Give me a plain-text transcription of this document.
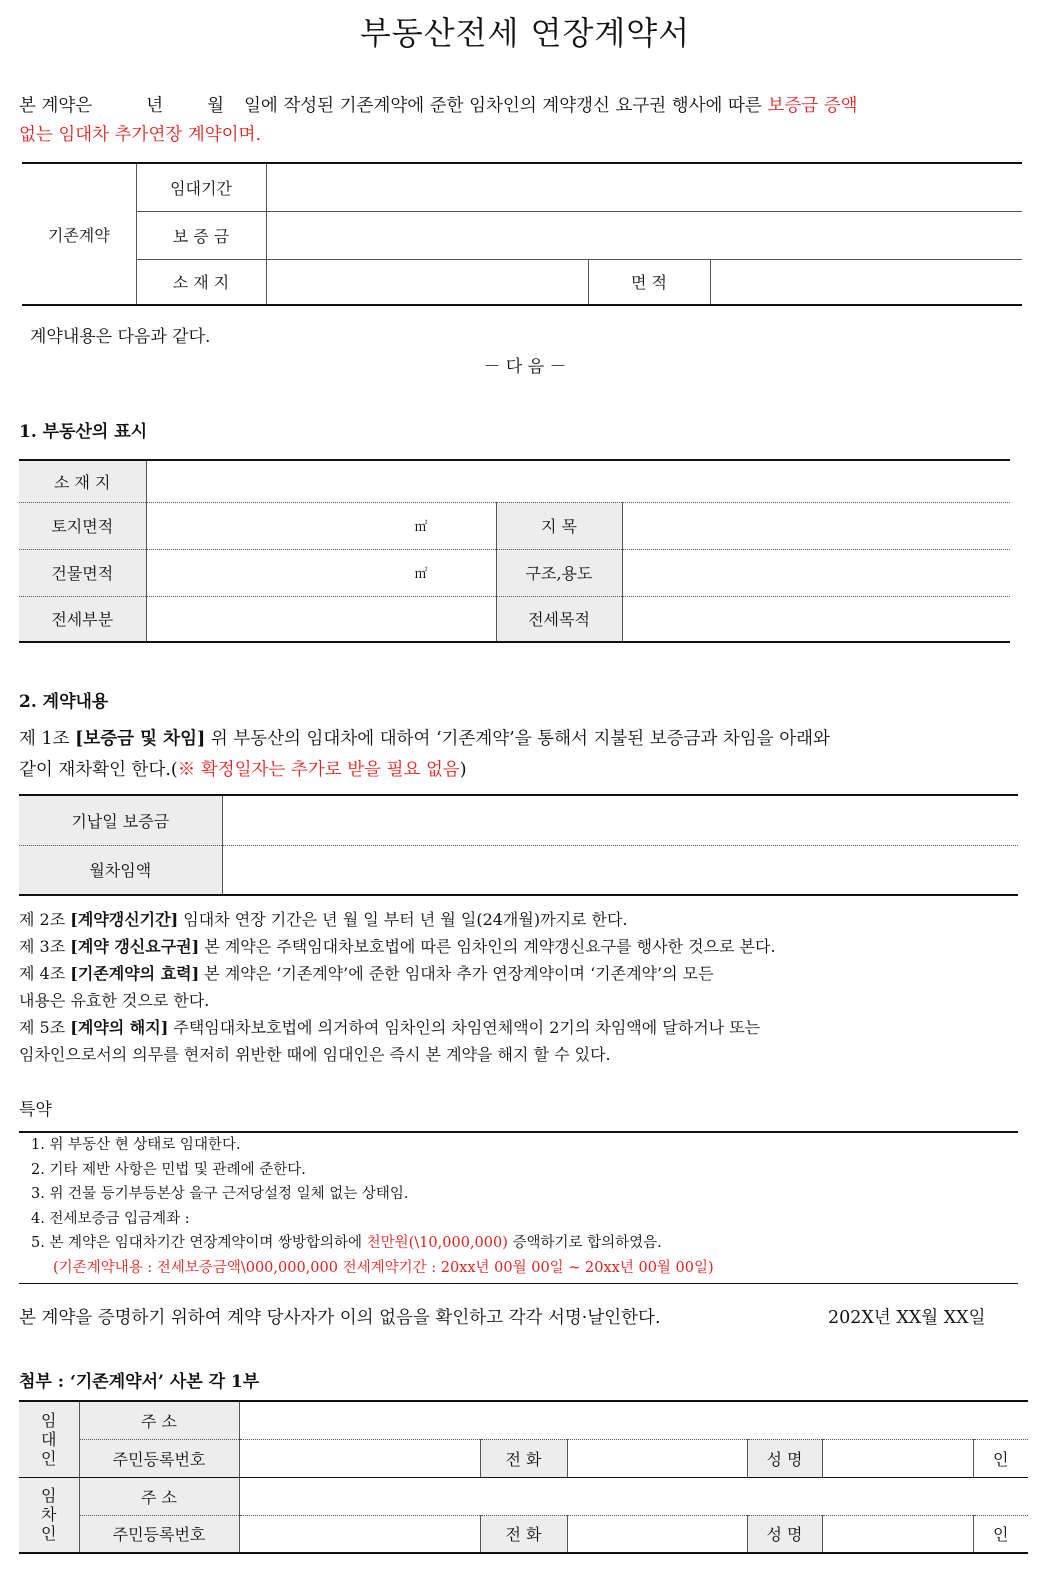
부동산전세 연장계약서
본 계약은	년	월 일에 작성된 기존계약에 준한 임차인의 계약갱신 요구권 행사에 따른 보증금 증액
없는 임대차 추가연장 계약이며.
기존계약	임대기간			
	보 증 금			
	소 재 지		면 적	
계약내용은 다음과 같다.
－ 다 음 －
1. 부동산의 표시
소 재 지			
토지면적	㎡	지 목	
건물면적	㎡	구조,용도	
전세부분		전세목적	
2. 계약내용
제 1조 [보증금 및 차임] 위 부동산의 임대차에 대하여 ‘기존계약’을 통해서 지불된 보증금과 차임을 아래와
같이 재차확인 한다.(※ 확정일자는 추가로 받을 필요 없음)
기납일 보증금	
월차임액	
제 2조 [계약갱신기간] 임대차 연장 기간은 년 월 일 부터 년 월 일(24개월)까지로 한다.
제 3조 [계약 갱신요구권] 본 계약은 주택임대차보호법에 따른 임차인의 계약갱신요구를 행사한 것으로 본다.
제 4조 [기존계약의 효력] 본 계약은 ‘기존계약’에 준한 임대차 추가 연장계약이며 ‘기존계약’의 모든
내용은 유효한 것으로 한다.
제 5조 [계약의 해지] 주택임대차보호법에 의거하여 임차인의 차임연체액이 2기의 차임액에 달하거나 또는
임차인으로서의 의무를 현저히 위반한 때에 임대인은 즉시 본 계약을 해지 할 수 있다.
특약
1. 위 부동산 현 상태로 임대한다.
2. 기타 제반 사항은 민법 및 관례에 준한다.
3. 위 건물 등기부등본상 을구 근저당설정 일체 없는 상태임.
4. 전세보증금 입금계좌 :
5. 본 계약은 임대차기간 연장계약이며 쌍방합의하에 천만원(\10,000,000) 증액하기로 합의하였음.
(기존계약내용 : 전세보증금액\000,000,000 전세계약기간 : 20xx년 00월 00일 ~ 20xx년 00월 00일)
본 계약을 증명하기 위하여 계약 당사자가 이의 없음을 확인하고 각각 서명·날인한다.	202X년 XX월 XX일
첨부 : ‘기존계약서’ 사본 각 1부
임
대
인	주 소						
	주민등록번호		전 화		성 명		인
임
차
인	주 소						
	주민등록번호		전 화		성 명		인
